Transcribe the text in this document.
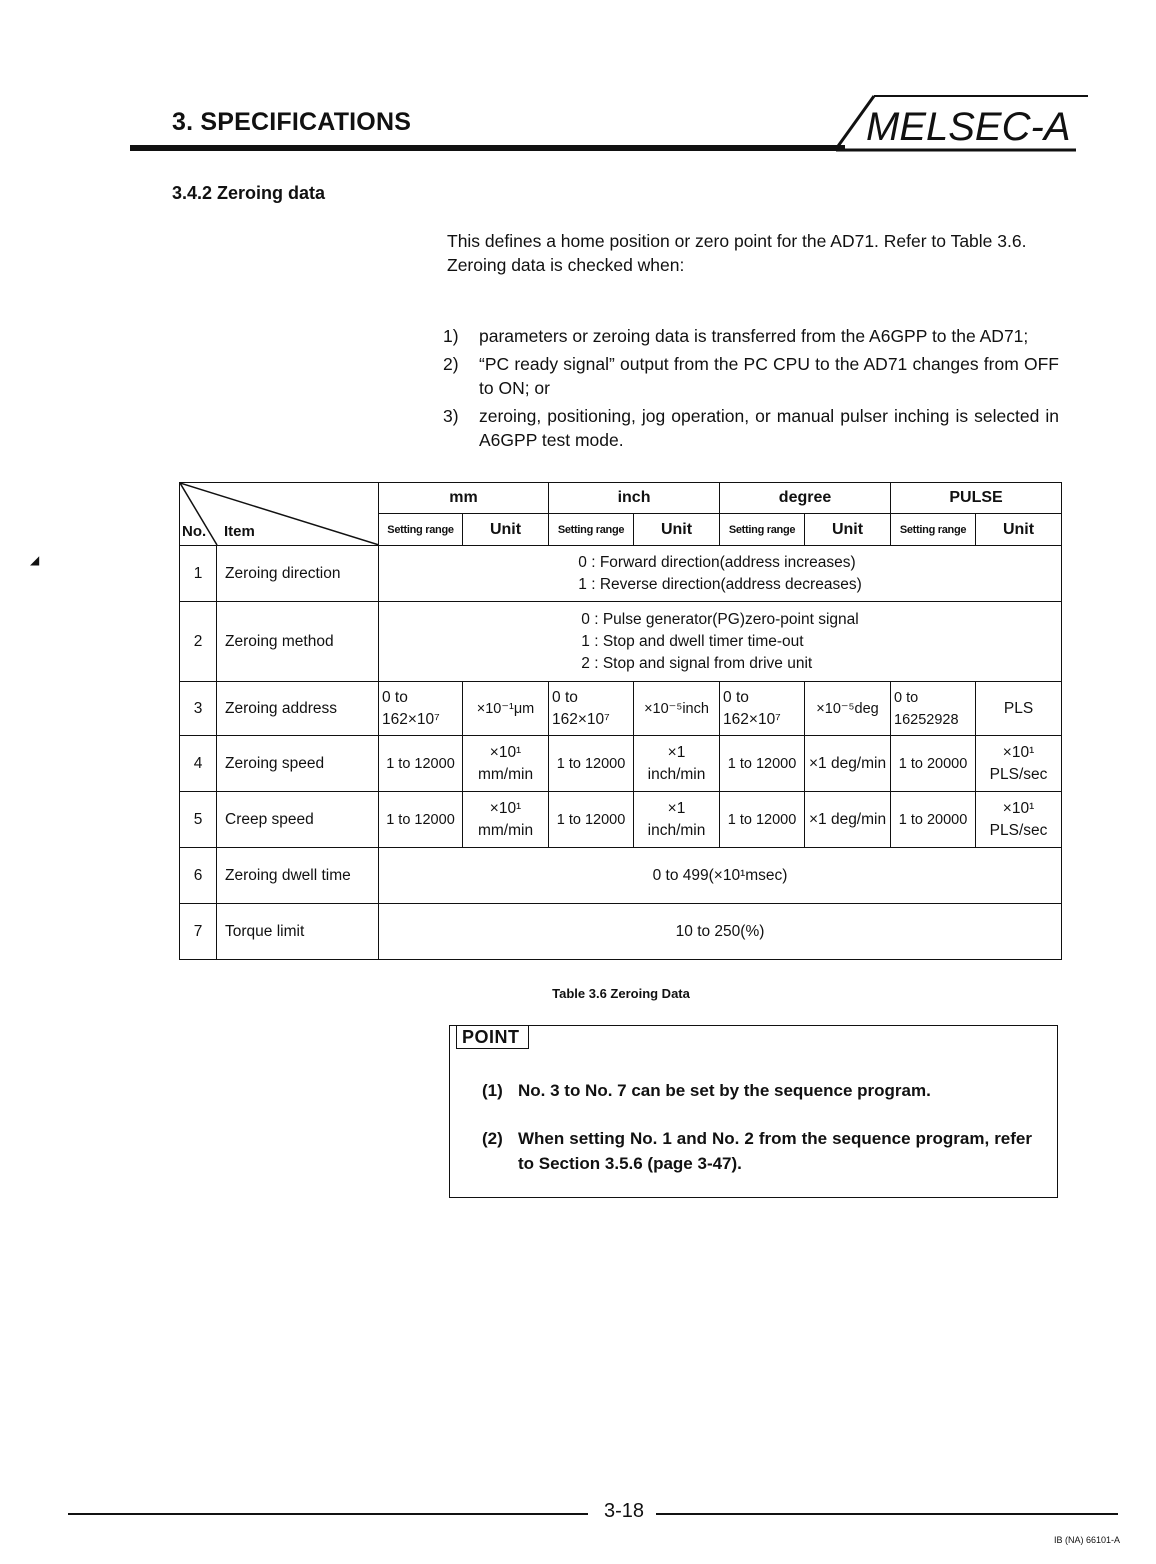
3. SPECIFICATIONS	MELSEC-A
3.4.2 Zeroing data

This defines a home position or zero point for the AD71. Refer to Table 3.6.

Zeroing data is checked when:

1)	parameters or zeroing data is transferred from the A6GPP to the AD71;
2)	“PC ready signal” output from the PC CPU to the AD71 changes from OFF to ON; or
3)	zeroing, positioning, jog operation, or manual pulser inching is selected in A6GPP test mode.
◢
No. Item		mm		inch		degree		PULSE	
		Setting range	Unit	Setting range	Unit	Setting range	Unit	Setting range	Unit
1	Zeroing direction	0 : Forward direction(address increases)
1 : Reverse direction(address decreases)							

2	Zeroing method	0 : Pulse generator(PG)zero-point signal
1 : Stop and dwell timer time-out
2 : Stop and signal from drive unit							

3	Zeroing address	0 to 162×10⁷	×10⁻¹μm	0 to 162×10⁷	×10⁻⁵inch	0 to 162×10⁷	×10⁻⁵deg	0 to 16252928	PLS
4	Zeroing speed	1 to 12000	×10¹ mm/min	1 to 12000	×1 inch/min	1 to 12000	×1 deg/min	1 to 20000	×10¹ PLS/sec
5	Creep speed	1 to 12000	×10¹ mm/min	1 to 12000	×1 inch/min	1 to 12000	×1 deg/min	1 to 20000	×10¹ PLS/sec
6	Zeroing dwell time	0 to 499(×10¹msec)							
7	Torque limit	10 to 250(%)							
Table 3.6 Zeroing Data
POINT
(1) No. 3 to No. 7 can be set by the sequence program.
(2) When setting No. 1 and No. 2 from the sequence program, refer to Section 3.5.6 (page 3-47).
3-18
IB (NA) 66101-A
